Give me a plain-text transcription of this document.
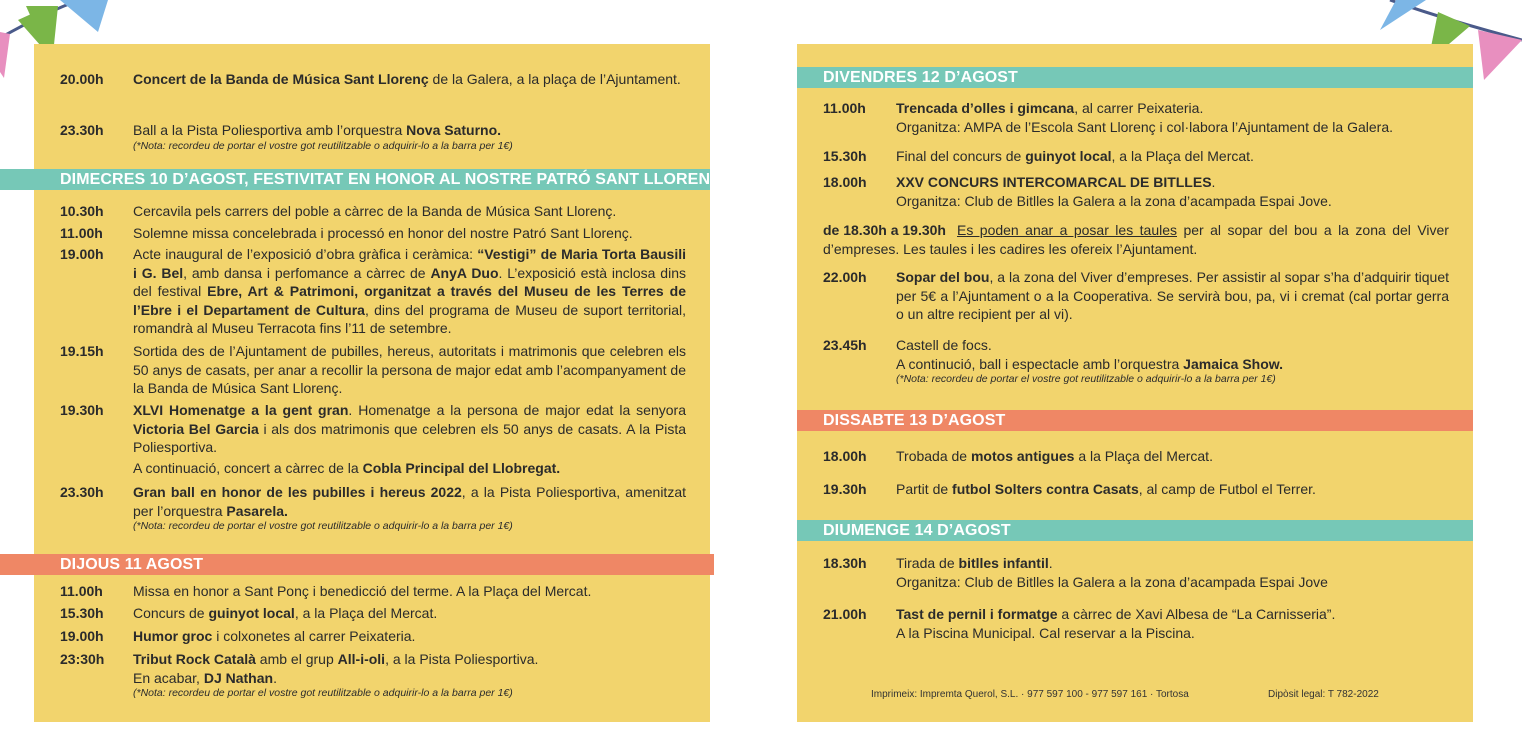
20.00h Concert de la Banda de Música Sant Llorenç de la Galera, a la plaça de l’Ajuntament.
23.30h Ball a la Pista Poliesportiva amb l’orquestra Nova Saturno.
(*Nota: recordeu de portar el vostre got reutilitzable o adquirir-lo a la barra per 1€)
DIMECRES 10 D’AGOST, FESTIVITAT EN HONOR AL NOSTRE PATRÓ SANT LLORENÇ
10.30h Cercavila pels carrers del poble a càrrec de la Banda de Música Sant Llorenç.
11.00h Solemne missa concelebrada i processó en honor del nostre Patró Sant Llorenç.
19.00h Acte inaugural de l’exposició d’obra gràfica i ceràmica: “Vestigi” de Maria Torta Bausili i G. Bel, amb dansa i perfomance a càrrec de AnyA Duo. L’exposició està inclosa dins del festival Ebre, Art & Patrimoni, organitzat a través del Museu de les Terres de l’Ebre i el Departament de Cultura, dins del programa de Museu de suport territorial, romandrà al Museu Terracota fins l’11 de setembre.
19.15h Sortida des de l’Ajuntament de pubilles, hereus, autoritats i matrimonis que celebren els 50 anys de casats, per anar a recollir la persona de major edat amb l’acompanyament de la Banda de Música Sant Llorenç.
19.30h XLVI Homenatge a la gent gran. Homenatge a la persona de major edat la senyora Victoria Bel Garcia i als dos matrimonis que celebren els 50 anys de casats. A la Pista Poliesportiva.
A continuació, concert a càrrec de la Cobla Principal del Llobregat.
23.30h Gran ball en honor de les pubilles i hereus 2022, a la Pista Poliesportiva, amenitzat per l’orquestra Pasarela.
(*Nota: recordeu de portar el vostre got reutilitzable o adquirir-lo a la barra per 1€)
DIJOUS 11 AGOST
11.00h Missa en honor a Sant Ponç i benedicció del terme. A la Plaça del Mercat.
15.30h Concurs de guinyot local, a la Plaça del Mercat.
19.00h Humor groc i colxonetes al carrer Peixateria.
23:30h Tribut Rock Català amb el grup All-i-oli, a la Pista Poliesportiva.
En acabar, DJ Nathan.
(*Nota: recordeu de portar el vostre got reutilitzable o adquirir-lo a la barra per 1€)
DIVENDRES 12 D’AGOST
11.00h Trencada d’olles i gimcana, al carrer Peixateria.
Organitza: AMPA de l’Escola Sant Llorenç i col·labora l’Ajuntament de la Galera.
15.30h Final del concurs de guinyot local, a la Plaça del Mercat.
18.00h XXV CONCURS INTERCOMARCAL DE BITLLES.
Organitza: Club de Bitlles la Galera a la zona d’acampada Espai Jove.
de 18.30h a 19.30h Es poden anar a posar les taules per al sopar del bou a la zona del Viver d’empreses. Les taules i les cadires les ofereix l’Ajuntament.
22.00h Sopar del bou, a la zona del Viver d’empreses. Per assistir al sopar s’ha d’adquirir tiquet per 5€ a l’Ajuntament o a la Cooperativa. Se servirà bou, pa, vi i cremat (cal portar gerra o un altre recipient per al vi).
23.45h Castell de focs.
A continució, ball i espectacle amb l’orquestra Jamaica Show.
(*Nota: recordeu de portar el vostre got reutilitzable o adquirir-lo a la barra per 1€)
DISSABTE 13 D’AGOST
18.00h Trobada de motos antigues a la Plaça del Mercat.
19.30h Partit de futbol Solters contra Casats, al camp de Futbol el Terrer.
DIUMENGE 14 D’AGOST
18.30h Tirada de bitlles infantil.
Organitza: Club de Bitlles la Galera a la zona d’acampada Espai Jove
21.00h Tast de pernil i formatge a càrrec de Xavi Albesa de “La Carnisseria”.
A la Piscina Municipal. Cal reservar a la Piscina.
Imprimeix: Impremta Querol, S.L. · 977 597 100 - 977 597 161 · Tortosa	Dipòsit legal: T 782-2022
